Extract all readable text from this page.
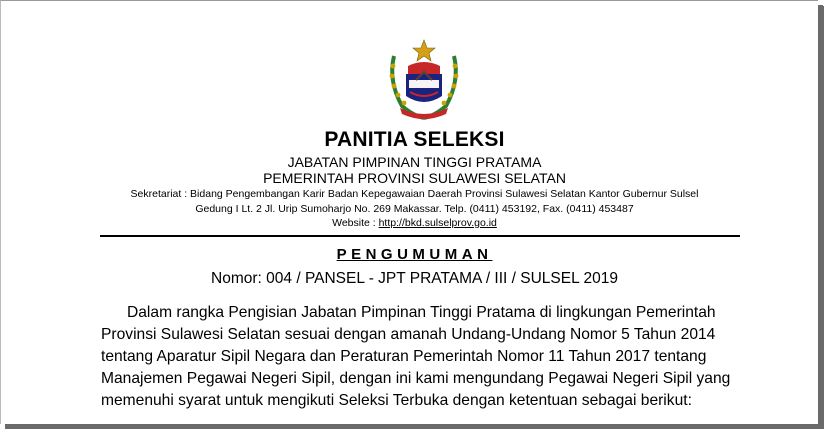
PANITIA SELEKSI
JABATAN PIMPINAN TINGGI PRATAMA
PEMERINTAH PROVINSI SULAWESI SELATAN
Sekretariat : Bidang Pengembangan Karir Badan Kepegawaian Daerah Provinsi Sulawesi Selatan Kantor Gubernur Sulsel
Gedung I Lt. 2 Jl. Urip Sumoharjo No. 269 Makassar. Telp. (0411) 453192, Fax. (0411) 453487
Website : http://bkd.sulselprov.go.id
PENGUMUMAN
Nomor: 004 / PANSEL - JPT PRATAMA / III / SULSEL 2019
Dalam rangka Pengisian Jabatan Pimpinan Tinggi Pratama di lingkungan Pemerintah
Provinsi Sulawesi Selatan sesuai dengan amanah Undang-Undang Nomor 5 Tahun 2014
tentang Aparatur Sipil Negara dan Peraturan Pemerintah Nomor 11 Tahun 2017 tentang
Manajemen Pegawai Negeri Sipil, dengan ini kami mengundang Pegawai Negeri Sipil yang
memenuhi syarat untuk mengikuti Seleksi Terbuka dengan ketentuan sebagai berikut:
